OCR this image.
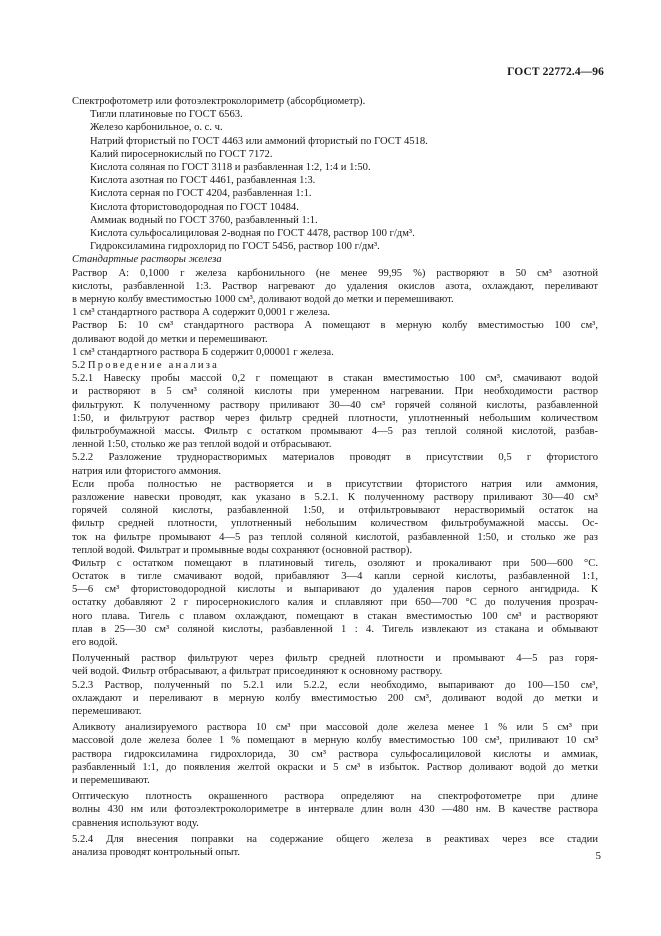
ГОСТ 22772.4—96
Спектрофотометр или фотоэлектроколориметр (абсорбциометр).
Тигли платиновые по ГОСТ 6563.
Железо карбонильное, о. с. ч.
Натрий фтористый по ГОСТ 4463 или аммоний фтористый по ГОСТ 4518.
Калий пиросернокислый по ГОСТ 7172.
Кислота соляная по ГОСТ 3118 и разбавленная 1:2, 1:4 и 1:50.
Кислота азотная по ГОСТ 4461, разбавленная 1:3.
Кислота серная по ГОСТ 4204, разбавленная 1:1.
Кислота фтористоводородная по ГОСТ 10484.
Аммиак водный по ГОСТ 3760, разбавленный 1:1.
Кислота сульфосалициловая 2-водная по ГОСТ 4478, раствор 100 г/дм³.
Гидроксиламина гидрохлорид по ГОСТ 5456, раствор 100 г/дм³.
Стандартные растворы железа
Раствор А: 0,1000 г железа карбонильного (не менее 99,95 %) растворяют в 50 см³ азотной
кислоты, разбавленной 1:3. Раствор нагревают до удаления окислов азота, охлаждают, переливают
в мерную колбу вместимостью 1000 см³, доливают водой до метки и перемешивают.
1 см³ стандартного раствора А содержит 0,0001 г железа.
Раствор Б: 10 см³ стандартного раствора А помещают в мерную колбу вместимостью 100 см³,
доливают водой до метки и перемешивают.
1 см³ стандартного раствора Б содержит 0,00001 г железа.
5.2 Проведение анализа
5.2.1 Навеску пробы массой 0,2 г помещают в стакан вместимостью 100 см³, смачивают водой
и растворяют в 5 см³ соляной кислоты при умеренном нагревании. При необходимости раствор
фильтруют. К полученному раствору приливают 30—40 см³ горячей соляной кислоты, разбавленной
1:50, и фильтруют раствор через фильтр средней плотности, уплотненный небольшим количеством
фильтробумажной массы. Фильтр с остатком промывают 4—5 раз теплой соляной кислотой, разбав-
ленной 1:50, столько же раз теплой водой и отбрасывают.
5.2.2 Разложение труднорастворимых материалов проводят в присутствии 0,5 г фтористого
натрия или фтористого аммония.
Если проба полностью не растворяется и в присутствии фтористого натрия или аммония,
разложение навески проводят, как указано в 5.2.1. К полученному раствору приливают 30—40 см³
горячей соляной кислоты, разбавленной 1:50, и отфильтровывают нерастворимый остаток на
фильтр средней плотности, уплотненный небольшим количеством фильтробумажной массы. Ос-
ток на фильтре промывают 4—5 раз теплой соляной кислотой, разбавленной 1:50, и столько же раз
теплой водой. Фильтрат и промывные воды сохраняют (основной раствор).
Фильтр с остатком помещают в платиновый тигель, озоляют и прокаливают при 500—600 °С.
Остаток в тигле смачивают водой, прибавляют 3—4 капли серной кислоты, разбавленной 1:1,
5—6 см³ фтористоводородной кислоты и выпаривают до удаления паров серного ангидрида. К
остатку добавляют 2 г пиросернокислого калия и сплавляют при 650—700 °С до получения прозрач-
ного плава. Тигель с плавом охлаждают, помещают в стакан вместимостью 100 см³ и растворяют
плав в 25—30 см³ соляной кислоты, разбавленной 1 : 4. Тигель извлекают из стакана и обмывают
его водой.
Полученный раствор фильтруют через фильтр средней плотности и промывают 4—5 раз горя-
чей водой. Фильтр отбрасывают, а фильтрат присоединяют к основному раствору.
5.2.3 Раствор, полученный по 5.2.1 или 5.2.2, если необходимо, выпаривают до 100—150 см³,
охлаждают и переливают в мерную колбу вместимостью 200 см³, доливают водой до метки и
перемешивают.
Аликвоту анализируемого раствора 10 см³ при массовой доле железа менее 1 % или 5 см³ при
массовой доле железа более 1 % помещают в мерную колбу вместимостью 100 см³, приливают 10 см³
раствора гидроксиламина гидрохлорида, 30 см³ раствора сульфосалициловой кислоты и аммиак,
разбавленный 1:1, до появления желтой окраски и 5 см³ в избыток. Раствор доливают водой до метки
и перемешивают.
Оптическую плотность окрашенного раствора определяют на спектрофотометре при длине
волны 430 нм или фотоэлектроколориметре в интервале длин волн 430 —480 нм. В качестве раствора
сравнения используют воду.
5.2.4 Для внесения поправки на содержание общего железа в реактивах через все стадии
анализа проводят контрольный опыт.	5
